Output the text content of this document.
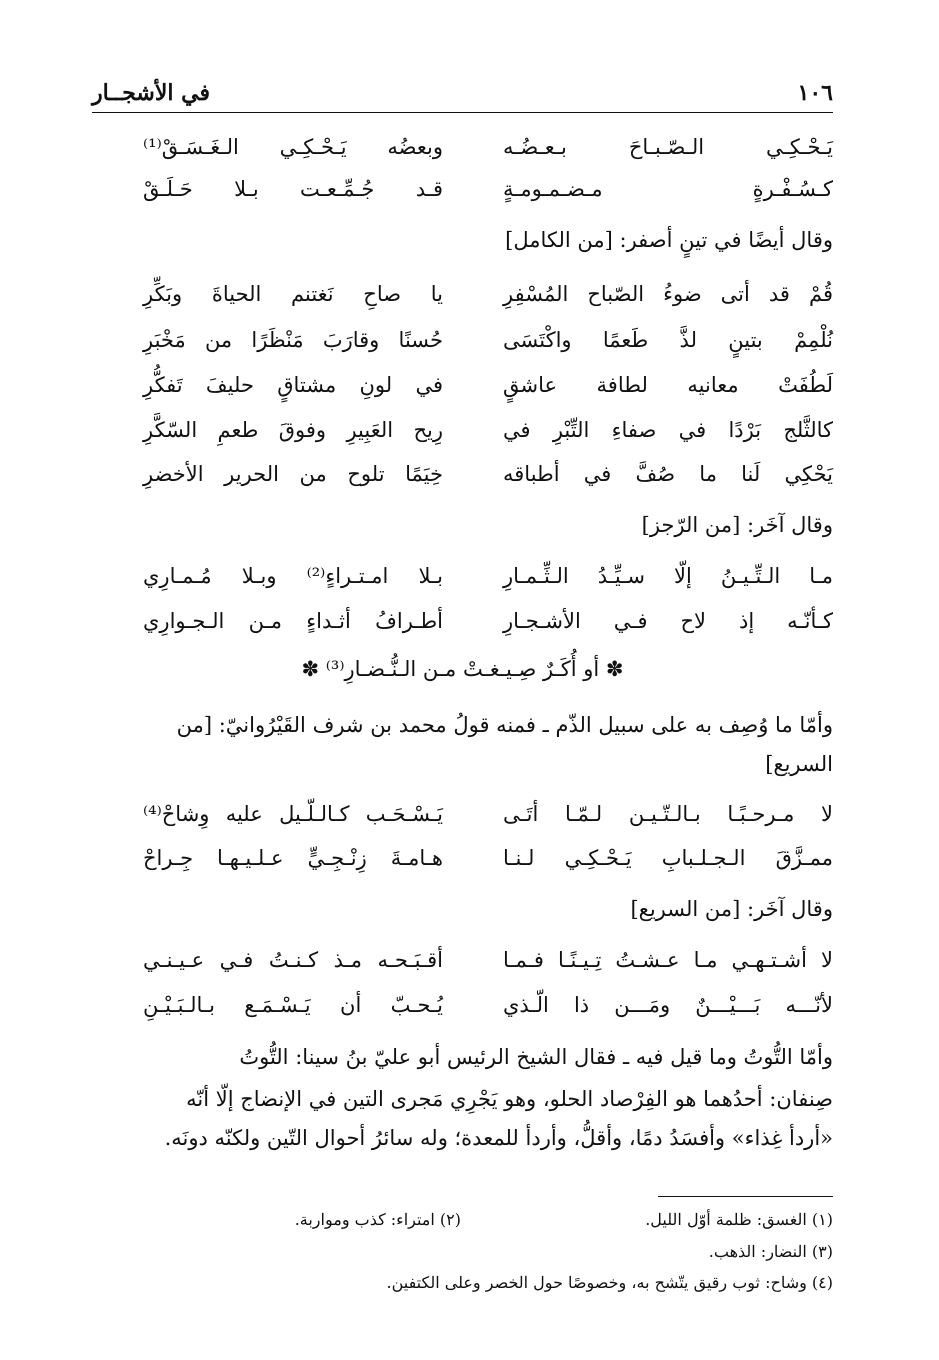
١٠٦
في الأشجــار
يَـحْـكِـي الـصّـبـاحَ بـعـضُـه
وبعضُه يَـحْـكِـي الـغَـسَـقْ⁽¹⁾
كـسُـفْـرةٍ مـضـمـومـةٍ
قـد جُـمِّـعـت بـلا حَـلَـقْ
وقال أيضًا في تينٍ أصفر: [من الكامل]
قُمْ قد أتى ضوءُ الصّباح المُسْفِرِ
يا صاحِ نَغتنم الحياةَ وبَكِّرِ
نُلْمِمْ بتينٍ لذَّ طَعمًا واكْتَسَى
حُسنًا وقارَبَ مَنْظَرًا من مَخْبَرِ
لَطُفَتْ معانيه لطافة عاشقٍ
في لونِ مشتاقٍ حليفَ تَفكُّرِ
كالثَّلج بَرْدًا في صفاءِ التِّبْرِ في
رِيح العَبِيرِ وفوقَ طعمِ السّكَّرِ
يَحْكِي لَنا ما صُفَّ في أطباقه
خِيَمًا تلوح من الحرير الأخضرِ
وقال آخَر: [من الرّجز]
مـا الـتِّـيـنُ إلّا سـيِّـدُ الـثِّـمـارِ
بـلا امـتـراءٍ⁽²⁾ وبـلا مُـمـارِي
كـأنّـه إذ لاح فـي الأشـجـارِ
أطـرافُ أثـداءٍ مـن الـجـوارِي
✽ أو أُكَـرٌ صِـيـغـتْ مـن الـنُّـضـارِ⁽³⁾ ✽
وأمّا ما وُصِف به على سبيل الذّم ـ فمنه قولُ محمد بن شرف القَيْرُوانيّ: [من
السريع]
لا مـرحـبًـا بـالـتّـيـن لـمّـا أتَـى
يَـسْـحَـب كـالـلّـيل عليه وِشاحْ⁽⁴⁾
ممـزَّقَ الـجـلـبابِ يَـحْـكِـي لـنـا
هـامـةَ زِنْـجِـيٍّ عـلـيـهـا جِـراحْ
وقال آخَر: [من السريع]
لا أشـتـهـي مـا عـشـتُ تِـيـنًـا فـمـا
أقـبَـحـه مـذ كـنـتُ فـي عـيـنـي
لأنّـــه بَـــيْـــنٌ ومَـــن ذا الّـذي
يُـحـبّ أن يَـسْـمَـع بـالـبَـيْـنِ
وأمّا التُّوتُ وما قيل فيه ـ فقال الشيخ الرئيس أبو عليّ بنُ سينا: التُّوتُ
صِنفان: أحدُهما هو الفِرْصاد الحلو، وهو يَجْرِي مَجرى التين في الإنضاج إلّا أنّه
«أردأ غِذاء» وأفسَدُ دمًا، وأقلُّ، وأردأ للمعدة؛ وله سائرُ أحوال التّين ولكنّه دونَه.
(١) الغسق: ظلمة أوّل الليل.
(٢) امتراء: كذب ومواربة.
(٣) النضار: الذهب.
(٤) وشاح: ثوب رقيق يتّشح به، وخصوصًا حول الخصر وعلى الكتفين.
